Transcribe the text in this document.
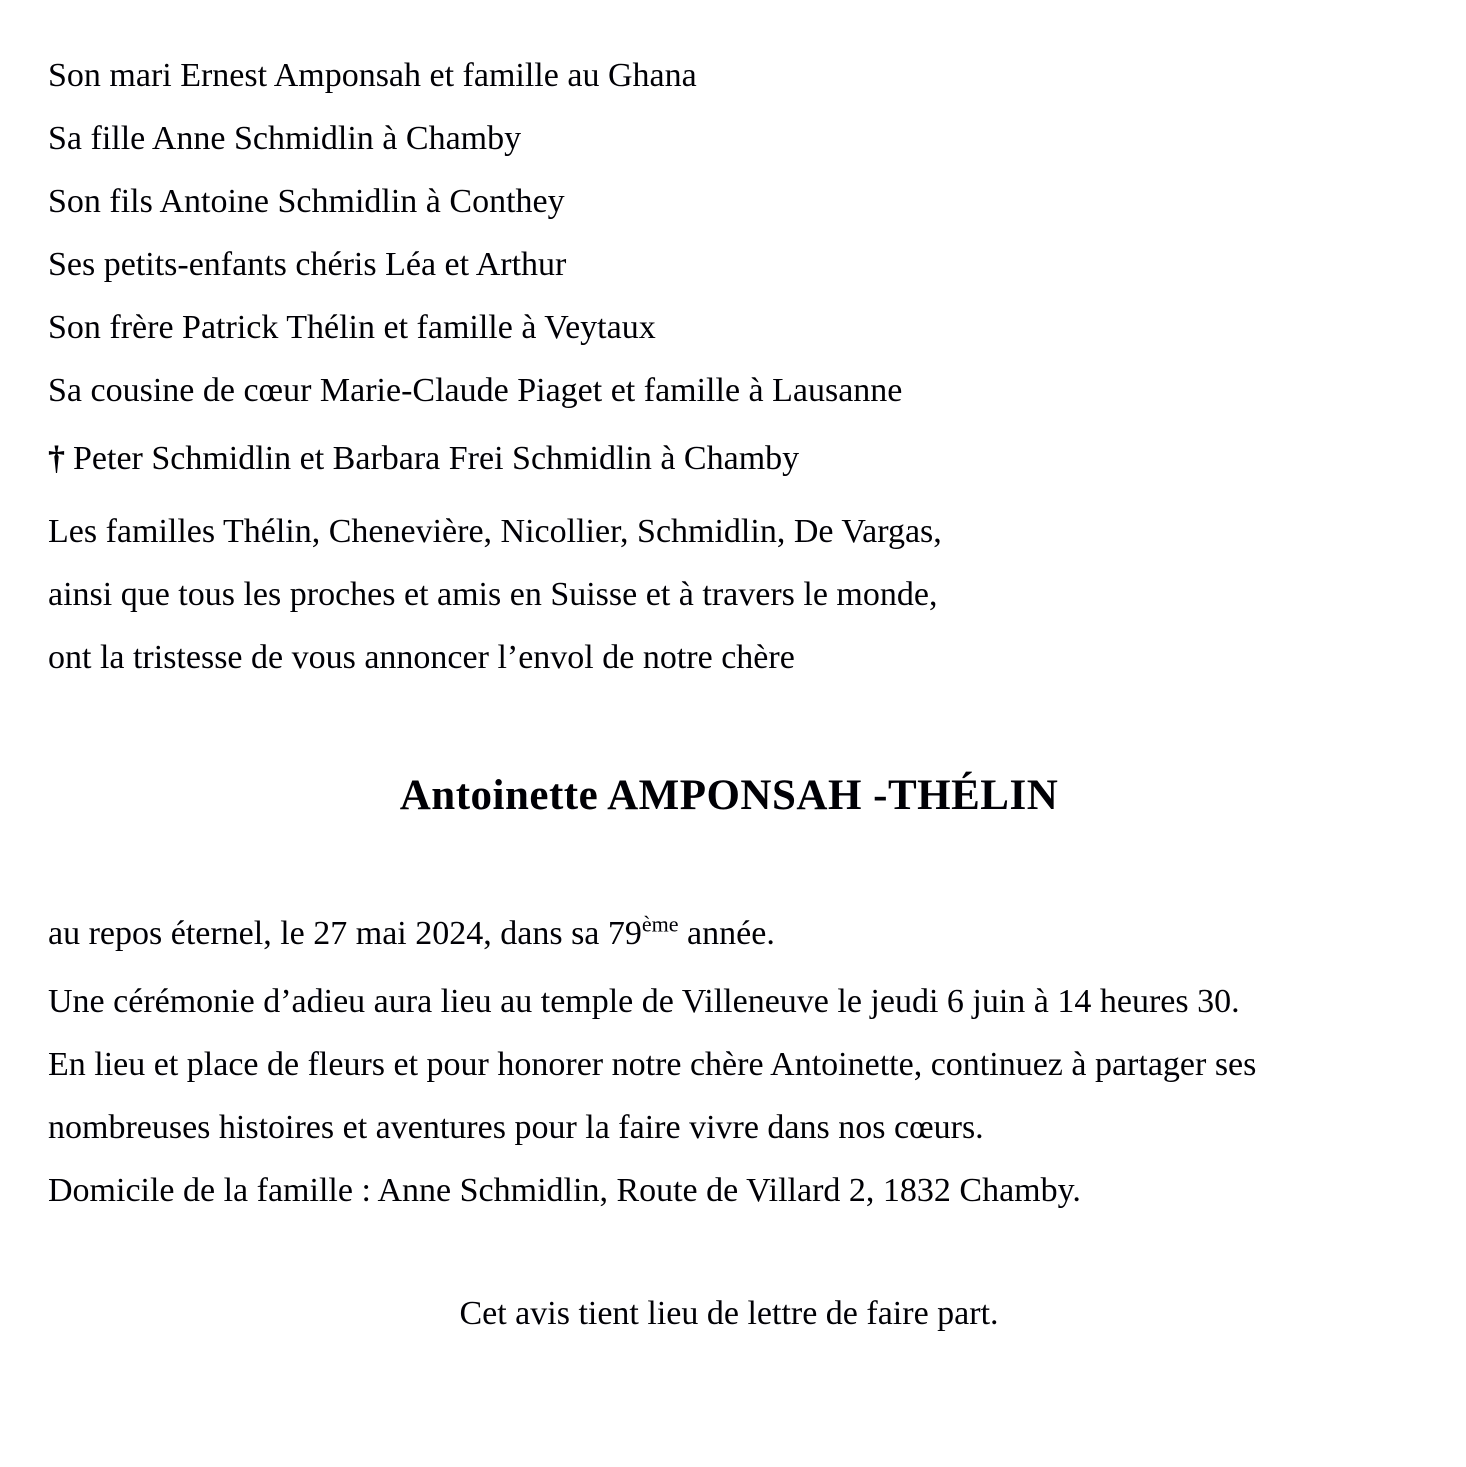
Son mari Ernest Amponsah et famille au Ghana

Sa fille Anne Schmidlin à Chamby

Son fils Antoine Schmidlin à Conthey

Ses petits-enfants chéris Léa et Arthur

Son frère Patrick Thélin et famille à Veytaux

Sa cousine de cœur Marie-Claude Piaget et famille à Lausanne

† Peter Schmidlin et Barbara Frei Schmidlin à Chamby

Les familles Thélin, Chenevière, Nicollier, Schmidlin, De Vargas,

ainsi que tous les proches et amis en Suisse et à travers le monde,

ont la tristesse de vous annoncer l’envol de notre chère

Antoinette AMPONSAH -THÉLIN

au repos éternel, le 27 mai 2024, dans sa 79ème année.

Une cérémonie d’adieu aura lieu au temple de Villeneuve le jeudi 6 juin à 14 heures 30.

En lieu et place de fleurs et pour honorer notre chère Antoinette, continuez à partager ses

nombreuses histoires et aventures pour la faire vivre dans nos cœurs.

Domicile de la famille : Anne Schmidlin, Route de Villard 2, 1832 Chamby.

Cet avis tient lieu de lettre de faire part.
